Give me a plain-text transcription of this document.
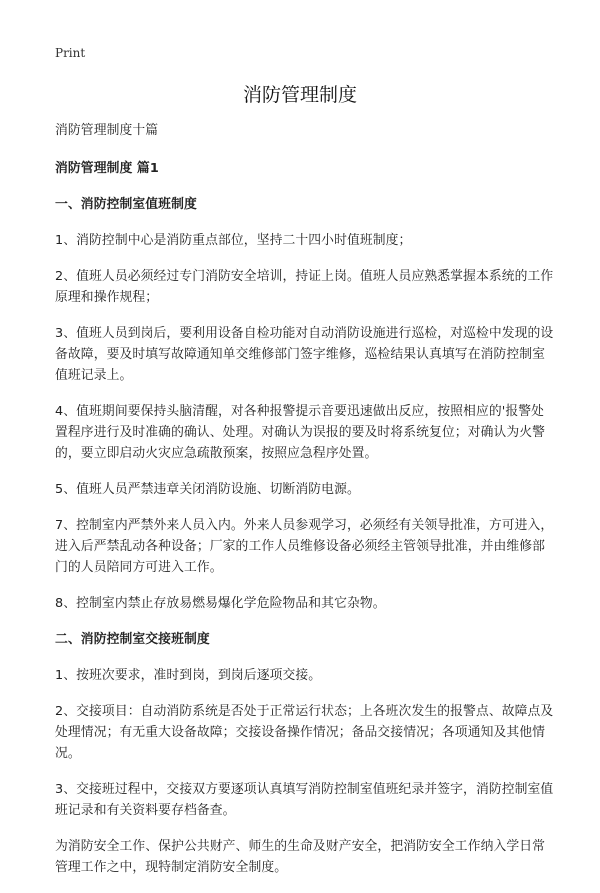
Print
消防管理制度

消防管理制度十篇

消防管理制度 篇1

一、消防控制室值班制度

1、消防控制中心是消防重点部位，坚持二十四小时值班制度；

2、值班人员必须经过专门消防安全培训，持证上岗。值班人员应熟悉掌握本系统的工作原理和操作规程；

3、值班人员到岗后，要利用设备自检功能对自动消防设施进行巡检，对巡检中发现的设备故障，要及时填写故障通知单交维修部门签字维修，巡检结果认真填写在消防控制室值班记录上。

4、值班期间要保持头脑清醒，对各种报警提示音要迅速做出反应，按照相应的'报警处置程序进行及时准确的确认、处理。对确认为误报的要及时将系统复位；对确认为火警的，要立即启动火灾应急疏散预案，按照应急程序处置。

5、值班人员严禁违章关闭消防设施、切断消防电源。

7、控制室内严禁外来人员入内。外来人员参观学习，必须经有关领导批准，方可进入，进入后严禁乱动各种设备；厂家的工作人员维修设备必须经主管领导批准，并由维修部门的人员陪同方可进入工作。

8、控制室内禁止存放易燃易爆化学危险物品和其它杂物。

二、消防控制室交接班制度

1、按班次要求，准时到岗，到岗后逐项交接。

2、交接项目：自动消防系统是否处于正常运行状态；上各班次发生的报警点、故障点及处理情况；有无重大设备故障；交接设备操作情况；备品交接情况；各项通知及其他情况。

3、交接班过程中，交接双方要逐项认真填写消防控制室值班纪录并签字，消防控制室值班记录和有关资料要存档备查。

为消防安全工作、保护公共财产、师生的生命及财产安全，把消防安全工作纳入学日常管理工作之中，现特制定消防安全制度。
